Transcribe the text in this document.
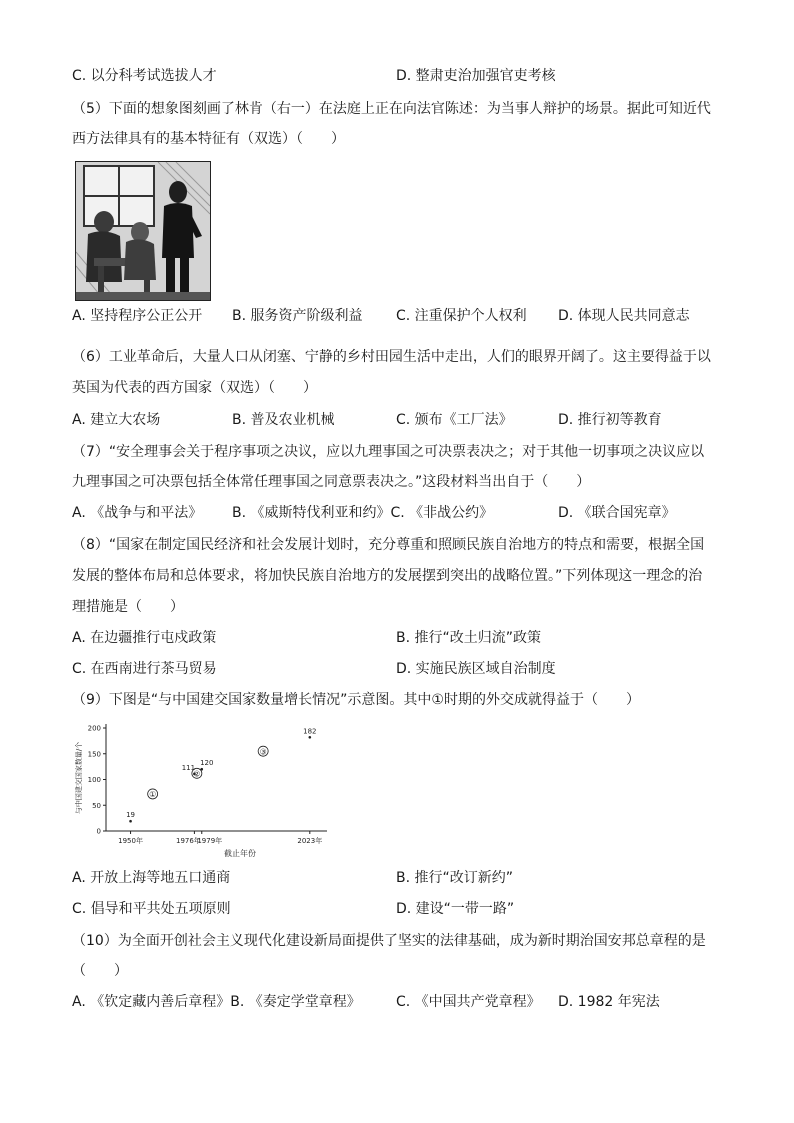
C. 以分科考试选拔人才	D. 整肃吏治加强官吏考核
（5）下面的想象图刻画了林肯（右一）在法庭上正在向法官陈述：为当事人辩护的场景。据此可知近代
西方法律具有的基本特征有（双选）（　　）
A. 坚持程序公正公开 B. 服务资产阶级利益 C. 注重保护个人权利 D. 体现人民共同意志
（6）工业革命后，大量人口从闭塞、宁静的乡村田园生活中走出，人们的眼界开阔了。这主要得益于以
英国为代表的西方国家（双选）（　　）
A. 建立大农场	B. 普及农业机械	C. 颁布《工厂法》	D. 推行初等教育
（7）“安全理事会关于程序事项之决议，应以九理事国之可决票表决之；对于其他一切事项之决议应以
九理事国之可决票包括全体常任理事国之同意票表决之。”这段材料当出自于（　　）
A. 《战争与和平法》 B. 《威斯特伐利亚和约》C. 《非战公约》	D. 《联合国宪章》
（8）“国家在制定国民经济和社会发展计划时，充分尊重和照顾民族自治地方的特点和需要，根据全国
发展的整体布局和总体要求，将加快民族自治地方的发展摆到突出的战略位置。”下列体现这一理念的治
理措施是（　　）
A. 在边疆推行屯戍政策	B. 推行“改土归流”政策
C. 在西南进行茶马贸易	D. 实施民族区域自治制度
（9）下图是“与中国建交国家数量增长情况”示意图。其中①时期的外交成就得益于（　　）
与中国建交国家数量/个
截止年份
0
50
100
150
200
1950年	1976年
1979年	2023年
19
111
120
182
①
②
③
A. 开放上海等地五口通商	B. 推行“改订新约”
C. 倡导和平共处五项原则	D. 建设“一带一路”
（10）为全面开创社会主义现代化建设新局面提供了坚实的法律基础，成为新时期治国安邦总章程的是
（　　）
A. 《钦定藏内善后章程》B. 《奏定学堂章程》	C. 《中国共产党章程》 D. 1982 年宪法
